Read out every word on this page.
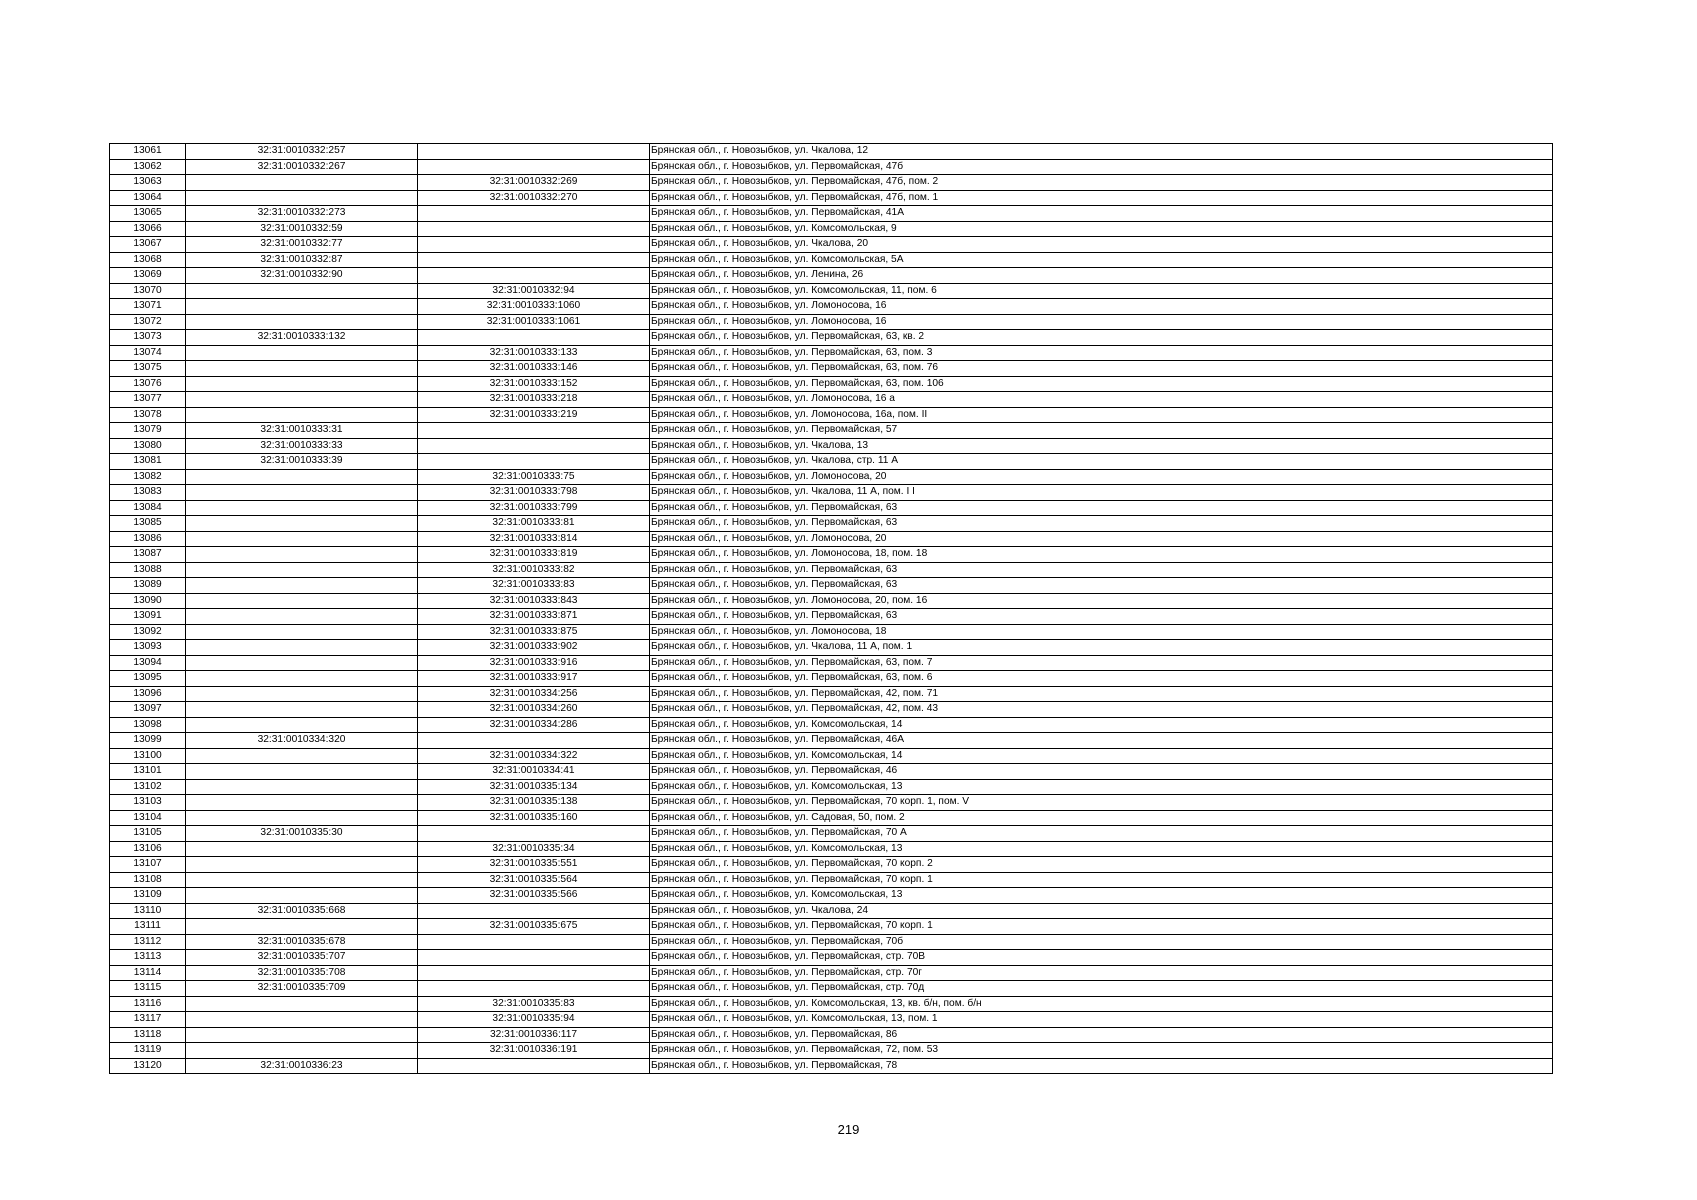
13061	32:31:0010332:257		Брянская обл., г. Новозыбков, ул. Чкалова, 12
13062	32:31:0010332:267		Брянская обл., г. Новозыбков, ул. Первомайская, 47б
13063		32:31:0010332:269	Брянская обл., г. Новозыбков, ул. Первомайская, 47б, пом. 2
13064		32:31:0010332:270	Брянская обл., г. Новозыбков, ул. Первомайская, 47б, пом. 1
13065	32:31:0010332:273		Брянская обл., г. Новозыбков, ул. Первомайская, 41А
13066	32:31:0010332:59		Брянская обл., г. Новозыбков, ул. Комсомольская, 9
13067	32:31:0010332:77		Брянская обл., г. Новозыбков, ул. Чкалова, 20
13068	32:31:0010332:87		Брянская обл., г. Новозыбков, ул. Комсомольская, 5А
13069	32:31:0010332:90		Брянская обл., г. Новозыбков, ул. Ленина, 26
13070		32:31:0010332:94	Брянская обл., г. Новозыбков, ул. Комсомольская, 11, пом. 6
13071		32:31:0010333:1060	Брянская обл., г. Новозыбков, ул. Ломоносова, 16
13072		32:31:0010333:1061	Брянская обл., г. Новозыбков, ул. Ломоносова, 16
13073	32:31:0010333:132		Брянская обл., г. Новозыбков, ул. Первомайская, 63, кв. 2
13074		32:31:0010333:133	Брянская обл., г. Новозыбков, ул. Первомайская, 63, пом. 3
13075		32:31:0010333:146	Брянская обл., г. Новозыбков, ул. Первомайская, 63, пом. 76
13076		32:31:0010333:152	Брянская обл., г. Новозыбков, ул. Первомайская, 63, пом. 106
13077		32:31:0010333:218	Брянская обл., г. Новозыбков, ул. Ломоносова, 16 а
13078		32:31:0010333:219	Брянская обл., г. Новозыбков, ул. Ломоносова, 16а, пом. II
13079	32:31:0010333:31		Брянская обл., г. Новозыбков, ул. Первомайская, 57
13080	32:31:0010333:33		Брянская обл., г. Новозыбков, ул. Чкалова, 13
13081	32:31:0010333:39		Брянская обл., г. Новозыбков, ул. Чкалова, стр. 11 А
13082		32:31:0010333:75	Брянская обл., г. Новозыбков, ул. Ломоносова, 20
13083		32:31:0010333:798	Брянская обл., г. Новозыбков, ул. Чкалова, 11 А, пом. I I
13084		32:31:0010333:799	Брянская обл., г. Новозыбков, ул. Первомайская, 63
13085		32:31:0010333:81	Брянская обл., г. Новозыбков, ул. Первомайская, 63
13086		32:31:0010333:814	Брянская обл., г. Новозыбков, ул. Ломоносова, 20
13087		32:31:0010333:819	Брянская обл., г. Новозыбков, ул. Ломоносова, 18, пом. 18
13088		32:31:0010333:82	Брянская обл., г. Новозыбков, ул. Первомайская, 63
13089		32:31:0010333:83	Брянская обл., г. Новозыбков, ул. Первомайская, 63
13090		32:31:0010333:843	Брянская обл., г. Новозыбков, ул. Ломоносова, 20, пом. 16
13091		32:31:0010333:871	Брянская обл., г. Новозыбков, ул. Первомайская, 63
13092		32:31:0010333:875	Брянская обл., г. Новозыбков, ул. Ломоносова, 18
13093		32:31:0010333:902	Брянская обл., г. Новозыбков, ул. Чкалова, 11 А, пом. 1
13094		32:31:0010333:916	Брянская обл., г. Новозыбков, ул. Первомайская, 63, пом. 7
13095		32:31:0010333:917	Брянская обл., г. Новозыбков, ул. Первомайская, 63, пом. 6
13096		32:31:0010334:256	Брянская обл., г. Новозыбков, ул. Первомайская, 42, пом. 71
13097		32:31:0010334:260	Брянская обл., г. Новозыбков, ул. Первомайская, 42, пом. 43
13098		32:31:0010334:286	Брянская обл., г. Новозыбков, ул. Комсомольская, 14
13099	32:31:0010334:320		Брянская обл., г. Новозыбков, ул. Первомайская, 46А
13100		32:31:0010334:322	Брянская обл., г. Новозыбков, ул. Комсомольская, 14
13101		32:31:0010334:41	Брянская обл., г. Новозыбков, ул. Первомайская, 46
13102		32:31:0010335:134	Брянская обл., г. Новозыбков, ул. Комсомольская, 13
13103		32:31:0010335:138	Брянская обл., г. Новозыбков, ул. Первомайская, 70 корп. 1, пом. V
13104		32:31:0010335:160	Брянская обл., г. Новозыбков, ул. Садовая, 50, пом. 2
13105	32:31:0010335:30		Брянская обл., г. Новозыбков, ул. Первомайская, 70 А
13106		32:31:0010335:34	Брянская обл., г. Новозыбков, ул. Комсомольская, 13
13107		32:31:0010335:551	Брянская обл., г. Новозыбков, ул. Первомайская, 70 корп. 2
13108		32:31:0010335:564	Брянская обл., г. Новозыбков, ул. Первомайская, 70 корп. 1
13109		32:31:0010335:566	Брянская обл., г. Новозыбков, ул. Комсомольская, 13
13110	32:31:0010335:668		Брянская обл., г. Новозыбков, ул. Чкалова, 24
13111		32:31:0010335:675	Брянская обл., г. Новозыбков, ул. Первомайская, 70 корп. 1
13112	32:31:0010335:678		Брянская обл., г. Новозыбков, ул. Первомайская, 70б
13113	32:31:0010335:707		Брянская обл., г. Новозыбков, ул. Первомайская, стр. 70В
13114	32:31:0010335:708		Брянская обл., г. Новозыбков, ул. Первомайская, стр. 70г
13115	32:31:0010335:709		Брянская обл., г. Новозыбков, ул. Первомайская, стр. 70д
13116		32:31:0010335:83	Брянская обл., г. Новозыбков, ул. Комсомольская, 13, кв. б/н, пом. б/н
13117		32:31:0010335:94	Брянская обл., г. Новозыбков, ул. Комсомольская, 13, пом. 1
13118		32:31:0010336:117	Брянская обл., г. Новозыбков, ул. Первомайская, 86
13119		32:31:0010336:191	Брянская обл., г. Новозыбков, ул. Первомайская, 72, пом. 53
13120	32:31:0010336:23		Брянская обл., г. Новозыбков, ул. Первомайская, 78
219
